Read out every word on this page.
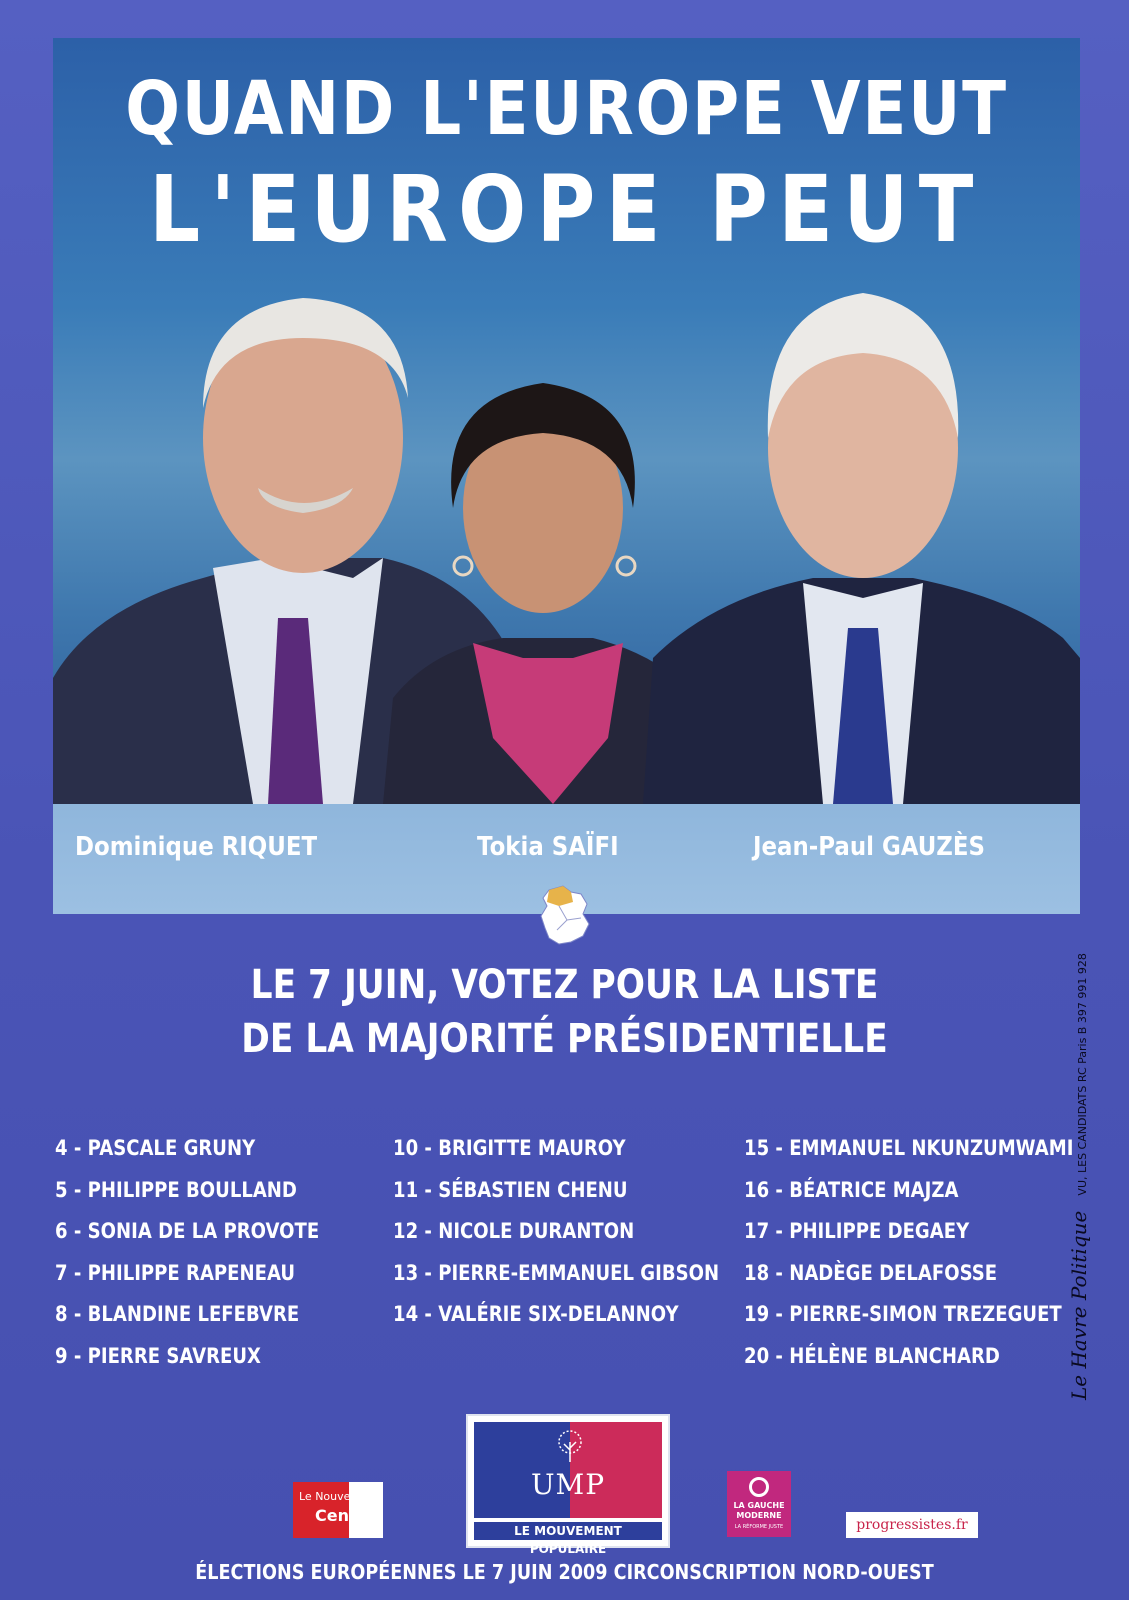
QUAND L'EUROPE VEUT
L'EUROPE PEUT
Dominique RIQUET	Tokia SAÏFI	Jean-Paul GAUZÈS
LE 7 JUIN, VOTEZ POUR LA LISTE
DE LA MAJORITÉ PRÉSIDENTIELLE
4 - PASCALE GRUNY
5 - PHILIPPE BOULLAND
6 - SONIA DE LA PROVOTE
7 - PHILIPPE RAPENEAU
8 - BLANDINE LEFEBVRE
9 - PIERRE SAVREUX
10 - BRIGITTE MAUROY
11 - SÉBASTIEN CHENU
12 - NICOLE DURANTON
13 - PIERRE-EMMANUEL GIBSON
14 - VALÉRIE SIX-DELANNOY
15 - EMMANUEL NKUNZUMWAMI
16 - BÉATRICE MAJZA
17 - PHILIPPE DEGAEY
18 - NADÈGE DELAFOSSE
19 - PIERRE-SIMON TREZEGUET
20 - HÉLÈNE BLANCHARD	Le Havre Politique VU, LES CANDIDATS RC Paris B 397 991 928
Le Nouveau
Centre
UMP
LE MOUVEMENT POPULAIRE
LA GAUCHE
MODERNE
LA RÉFORME JUSTE	progressistes.fr
ÉLECTIONS EUROPÉENNES LE 7 JUIN 2009 CIRCONSCRIPTION NORD-OUEST
